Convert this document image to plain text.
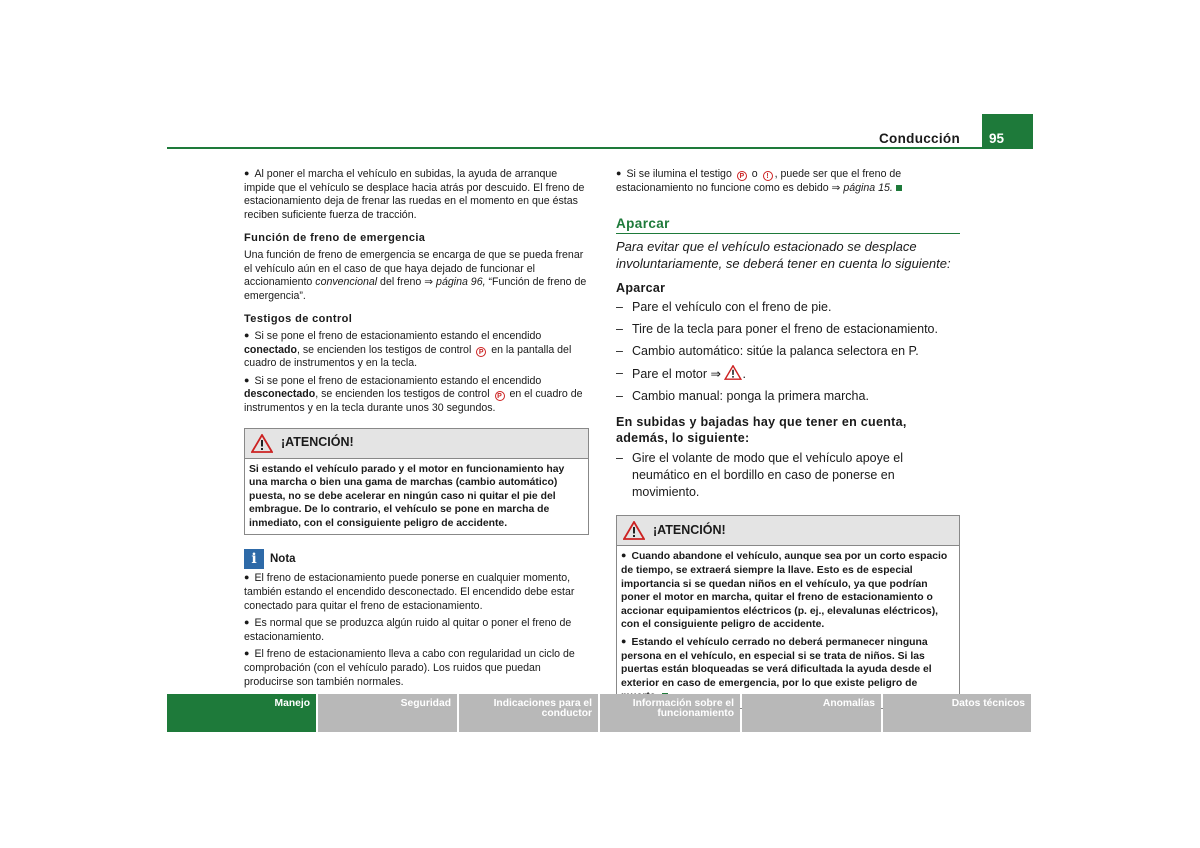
Conducción	95

● Al poner el marcha el vehículo en subidas, la ayuda de arranque impide que el vehículo se desplace hacia atrás por descuido. El freno de estacionamiento deja de frenar las ruedas en el momento en que éstas reciben suficiente fuerza de tracción.

Función de freno de emergencia

Una función de freno de emergencia se encarga de que se pueda frenar el vehículo aún en el caso de que haya dejado de funcionar el accionamiento convencional del freno ⇒ página 96, “Función de freno de emergencia”.

Testigos de control

● Si se pone el freno de estacionamiento estando el encendido conectado, se encienden los testigos de control P en la pantalla del cuadro de instrumentos y en la tecla.

● Si se pone el freno de estacionamiento estando el encendido desconectado, se encienden los testigos de control P en el cuadro de instrumentos y en la tecla durante unos 30 segundos.

¡ATENCIÓN!
Si estando el vehículo parado y el motor en funcionamiento hay una marcha o bien una gama de marchas (cambio automático) puesta, no se debe acelerar en ningún caso ni quitar el pie del embrague. De lo contrario, el vehículo se pone en marcha de inmediato, con el consiguiente peligro de accidente.
i	Nota

● El freno de estacionamiento puede ponerse en cualquier momento, también estando el encendido desconectado. El encendido debe estar conectado para quitar el freno de estacionamiento.

● Es normal que se produzca algún ruido al quitar o poner el freno de estacionamiento.

● El freno de estacionamiento lleva a cabo con regularidad un ciclo de comprobación (con el vehículo parado). Los ruidos que puedan producirse son también normales.

● Si se ilumina el testigo P o ! , puede ser que el freno de estacionamiento no funcione como es debido ⇒ página 15.

Aparcar

Para evitar que el vehículo estacionado se desplace involuntariamente, se deberá tener en cuenta lo siguiente:

Aparcar
– Pare el vehículo con el freno de pie.
– Tire de la tecla para poner el freno de estacionamiento.
– Cambio automático: sitúe la palanca selectora en P.
– Pare el motor ⇒ .
– Cambio manual: ponga la primera marcha.
En subidas y bajadas hay que tener en cuenta, además, lo siguiente:
– Gire el volante de modo que el vehículo apoye el neumático en el bordillo en caso de ponerse en movimiento.
¡ATENCIÓN!

● Cuando abandone el vehículo, aunque sea por un corto espacio de tiempo, se extraerá siempre la llave. Esto es de especial importancia si se quedan niños en el vehículo, ya que podrían poner el motor en marcha, quitar el freno de estacionamiento o accionar equipamientos eléctricos (p. ej., elevalunas eléctricos), con el consiguiente peligro de accidente.

● Estando el vehículo cerrado no deberá permanecer ninguna persona en el vehículo, en especial si se trata de niños. Si las puertas están bloqueadas se verá dificultada la ayuda desde el exterior en caso de emergencia, por lo que existe peligro de

Manejo	Seguridad	Indicaciones para el conductor
Información sobre el funcionamiento
Anomalías	Datos técnicos
